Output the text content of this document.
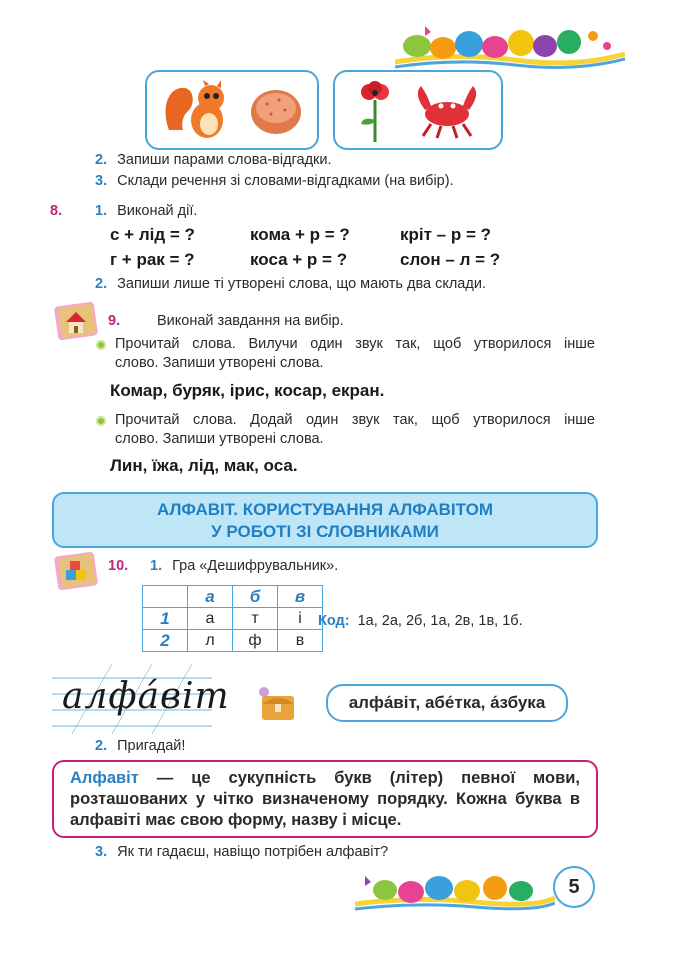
2. Запиши парами слова-відгадки.
3. Склади речення зі словами-відгадками (на вибір).
8. 1. Виконай дії.
с + лід = ?	кома + р = ?	кріт – р = ?
г + рак = ?	коса + р = ?	слон – л = ?
2. Запиши лише ті утворені слова, що мають два склади.
9.	Виконай завдання на вибір.
Прочитай слова. Вилучи один звук так, щоб утворилося інше
слово. Запиши утворені слова.
Комар, буряк, ірис, косар, екран.
Прочитай слова. Додай один звук так, щоб утворилося інше
слово. Запиши утворені слова.
Лин, їжа, лід, мак, оса.
АЛФАВІТ. КОРИСТУВАННЯ АЛФАВІТОМ
У РОБОТІ ЗІ СЛОВНИКАМИ
10. 1. Гра «Дешифрувальник».
	а	б	в
1	а	т	і
2	л	ф	в
Код: 1а, 2а, 2б, 1а, 2в, 1в, 1б.
алфа́віт	алфа́віт, абе́тка, а́збука
2. Пригадай!
Алфавіт — це сукупність букв (літер) певної мови, розташованих у чітко визначеному порядку. Кожна буква в алфавіті має свою форму, назву і місце.
3. Як ти гадаєш, навіщо потрібен алфавіт?
5
